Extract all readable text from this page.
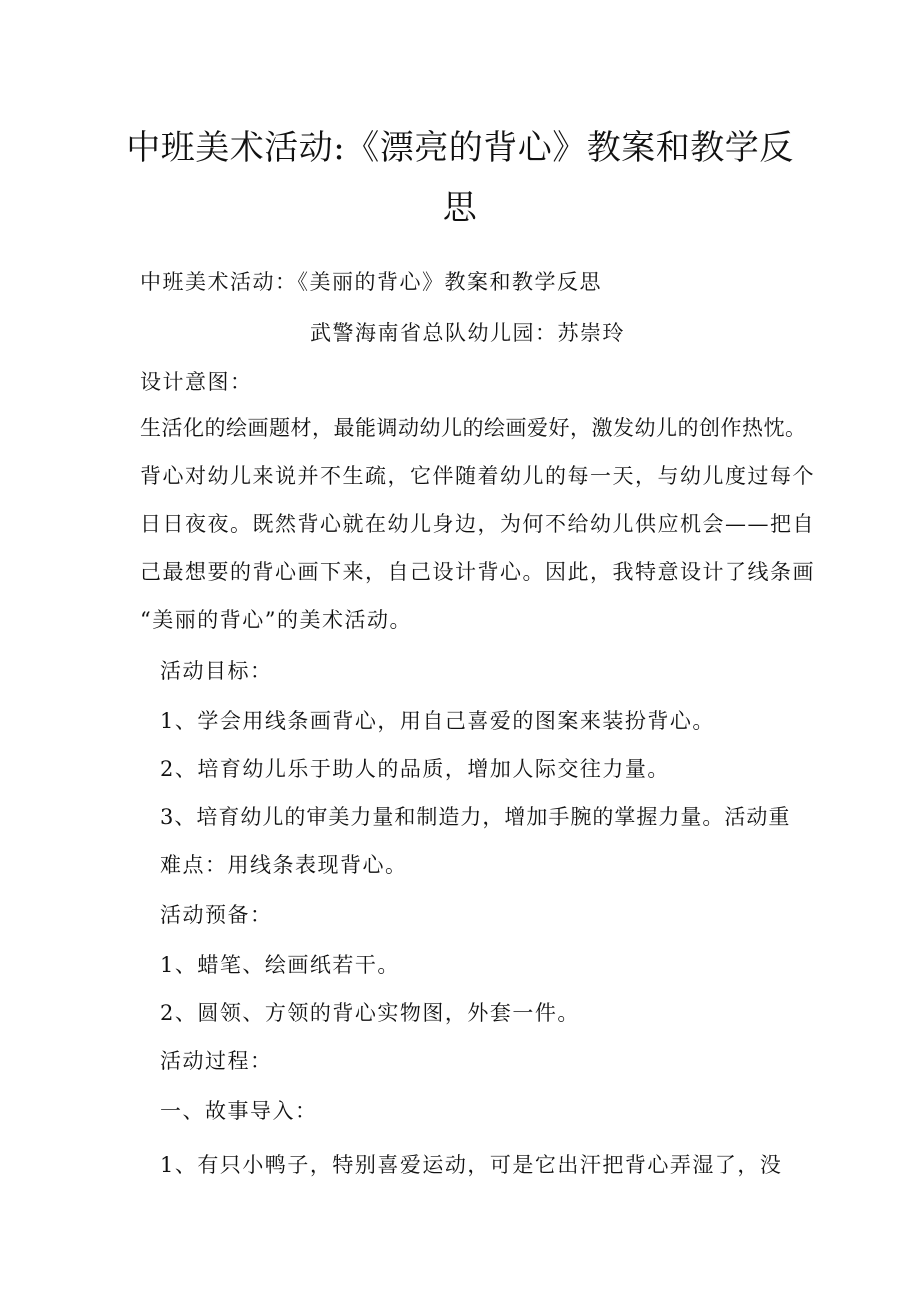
中班美术活动:《漂亮的背心》教案和教学反
思
中班美术活动：《美丽的背心》教案和教学反思
武警海南省总队幼儿园：苏崇玲
设计意图：
生活化的绘画题材，最能调动幼儿的绘画爱好，激发幼儿的创作热忱。
背心对幼儿来说并不生疏，它伴随着幼儿的每一天，与幼儿度过每个
日日夜夜。既然背心就在幼儿身边，为何不给幼儿供应机会——把自
己最想要的背心画下来，自己设计背心。因此，我特意设计了线条画
“美丽的背心”的美术活动。
活动目标：
1、学会用线条画背心，用自己喜爱的图案来装扮背心。
2、培育幼儿乐于助人的品质，增加人际交往力量。
3、培育幼儿的审美力量和制造力，增加手腕的掌握力量。活动重
难点：用线条表现背心。
活动预备：
1、蜡笔、绘画纸若干。
2、圆领、方领的背心实物图，外套一件。
活动过程：
一、故事导入：
1、有只小鸭子，特别喜爱运动，可是它出汗把背心弄湿了，没
